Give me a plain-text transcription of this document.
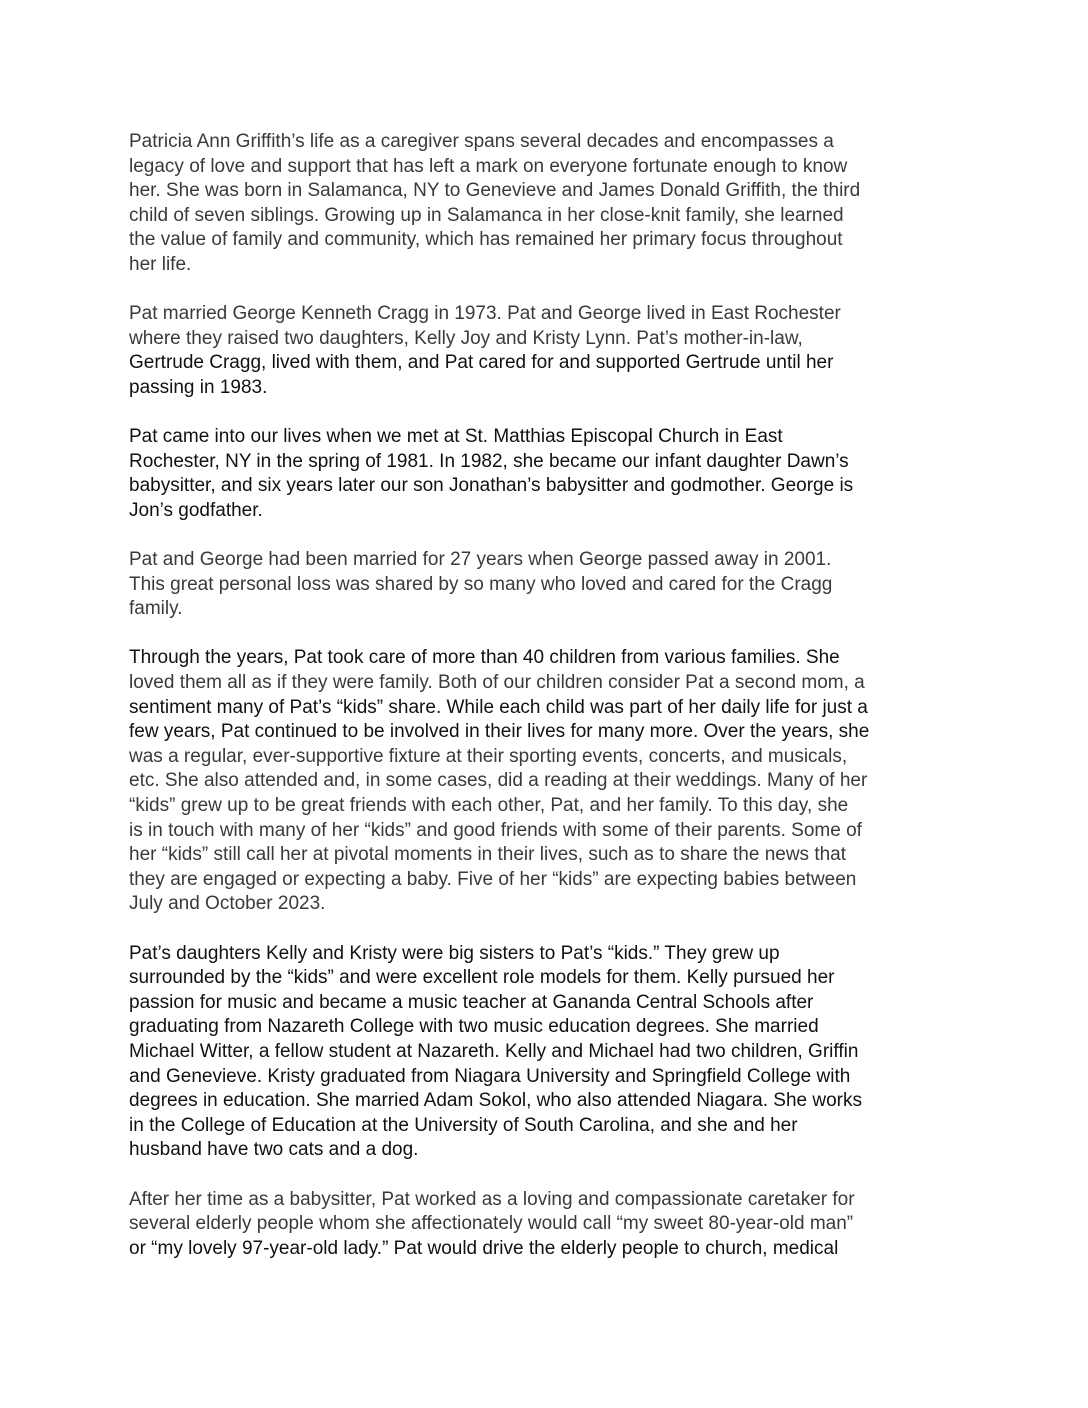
Patricia Ann Griffith’s life as a caregiver spans several decades and encompasses a
legacy of love and support that has left a mark on everyone fortunate enough to know
her. She was born in Salamanca, NY to Genevieve and James Donald Griffith, the third
child of seven siblings. Growing up in Salamanca in her close-knit family, she learned
the value of family and community, which has remained her primary focus throughout
her life.

Pat married George Kenneth Cragg in 1973. Pat and George lived in East Rochester
where they raised two daughters, Kelly Joy and Kristy Lynn. Pat’s mother-in-law,
Gertrude Cragg, lived with them, and Pat cared for and supported Gertrude until her
passing in 1983.

Pat came into our lives when we met at St. Matthias Episcopal Church in East
Rochester, NY in the spring of 1981. In 1982, she became our infant daughter Dawn’s
babysitter, and six years later our son Jonathan’s babysitter and godmother. George is
Jon’s godfather.

Pat and George had been married for 27 years when George passed away in 2001.
This great personal loss was shared by so many who loved and cared for the Cragg
family.

Through the years, Pat took care of more than 40 children from various families. She
loved them all as if they were family. Both of our children consider Pat a second mom, a
sentiment many of Pat’s “kids” share. While each child was part of her daily life for just a
few years, Pat continued to be involved in their lives for many more. Over the years, she
was a regular, ever-supportive fixture at their sporting events, concerts, and musicals,
etc. She also attended and, in some cases, did a reading at their weddings. Many of her
“kids” grew up to be great friends with each other, Pat, and her family. To this day, she
is in touch with many of her “kids” and good friends with some of their parents. Some of
her “kids” still call her at pivotal moments in their lives, such as to share the news that
they are engaged or expecting a baby. Five of her “kids” are expecting babies between
July and October 2023.

Pat’s daughters Kelly and Kristy were big sisters to Pat’s “kids.” They grew up
surrounded by the “kids” and were excellent role models for them. Kelly pursued her
passion for music and became a music teacher at Gananda Central Schools after
graduating from Nazareth College with two music education degrees. She married
Michael Witter, a fellow student at Nazareth. Kelly and Michael had two children, Griffin
and Genevieve. Kristy graduated from Niagara University and Springfield College with
degrees in education. She married Adam Sokol, who also attended Niagara. She works
in the College of Education at the University of South Carolina, and she and her
husband have two cats and a dog.

After her time as a babysitter, Pat worked as a loving and compassionate caretaker for
several elderly people whom she affectionately would call “my sweet 80-year-old man”
or “my lovely 97-year-old lady.” Pat would drive the elderly people to church, medical
